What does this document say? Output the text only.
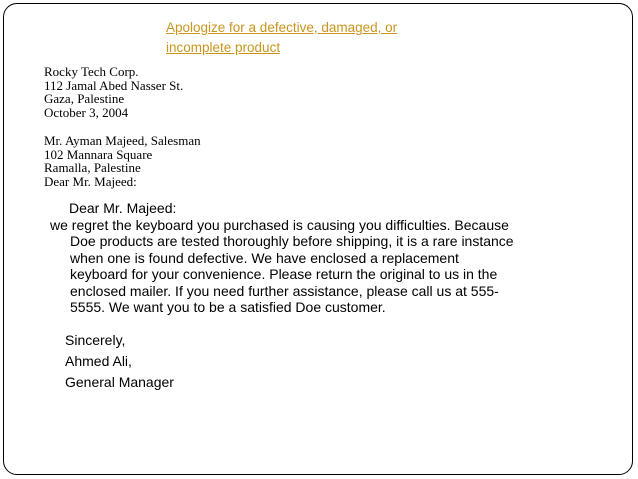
Apologize for a defective, damaged, or
incomplete product
Rocky Tech Corp.
112 Jamal Abed Nasser St.
Gaza, Palestine
October 3, 2004
Mr. Ayman Majeed, Salesman
102 Mannara Square
Ramalla, Palestine
Dear Mr. Majeed:
Dear Mr. Majeed:
we regret the keyboard you purchased is causing you difficulties. Because
Doe products are tested thoroughly before shipping, it is a rare instance
when one is found defective. We have enclosed a replacement
keyboard for your convenience. Please return the original to us in the
enclosed mailer. If you need further assistance, please call us at 555-
5555. We want you to be a satisfied Doe customer.
Sincerely,
Ahmed Ali,
General Manager
